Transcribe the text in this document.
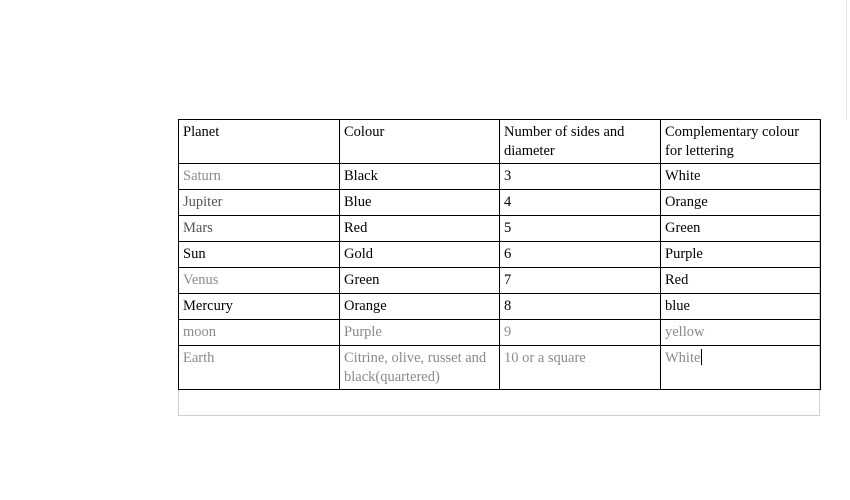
Planet	Colour	Number of sides and diameter	Complementary colour for lettering
Saturn	Black	3	White
Jupiter	Blue	4	Orange
Mars	Red	5	Green
Sun	Gold	6	Purple
Venus	Green	7	Red
Mercury	Orange	8	blue
moon	Purple	9	yellow
Earth	Citrine, olive, russet and black(quartered)	10 or a square	White
